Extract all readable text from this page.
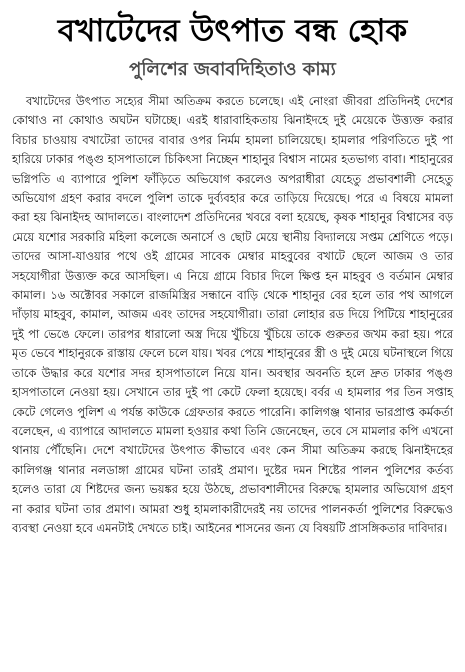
বখাটেদের উৎপাত বন্ধ হোক
পুলিশের জবাবদিহিতাও কাম্য

বখাটেদের উৎপাত সহ্যের সীমা অতিক্রম করতে চলেছে। এই নোংরা জীবরা প্রতিদিনই দেশের কোথাও না কোথাও অঘটন ঘটাচ্ছে। এরই ধারাবাহিকতায় ঝিনাইদহে দুই মেয়েকে উত্ত্যক্ত করার বিচার চাওয়ায় বখাটেরা তাদের বাবার ওপর নির্মম হামলা চালিয়েছে। হামলার পরিণতিতে দুই পা হারিয়ে ঢাকার পঙ্গু হাসপাতালে চিকিৎসা নিচ্ছেন শাহানুর বিশ্বাস নামের হতভাগ্য বাবা। শাহানুরের ভগ্নিপতি এ ব্যাপারে পুলিশ ফাঁড়িতে অভিযোগ করলেও অপরাধীরা যেহেতু প্রভাবশালী সেহেতু অভিযোগ গ্রহণ করার বদলে পুলিশ তাকে দুর্ব্যবহার করে তাড়িয়ে দিয়েছে। পরে এ বিষয়ে মামলা করা হয় ঝিনাইদহ আদালতে। বাংলাদেশ প্রতিদিনের খবরে বলা হয়েছে, কৃষক শাহানুর বিশ্বাসের বড় মেয়ে যশোর সরকারি মহিলা কলেজে অনার্সে ও ছোট মেয়ে স্থানীয় বিদ্যালয়ে সপ্তম শ্রেণিতে পড়ে। তাদের আসা-যাওয়ার পথে ওই গ্রামের সাবেক মেম্বার মাহবুবের বখাটে ছেলে আজম ও তার সহযোগীরা উত্ত্যক্ত করে আসছিল। এ নিয়ে গ্রামে বিচার দিলে ক্ষিপ্ত হন মাহবুব ও বর্তমান মেম্বার কামাল। ১৬ অক্টোবর সকালে রাজমিস্ত্রির সন্ধানে বাড়ি থেকে শাহানুর বের হলে তার পথ আগলে দাঁড়ায় মাহবুব, কামাল, আজম এবং তাদের সহযোগীরা। তারা লোহার রড দিয়ে পিটিয়ে শাহানুরের দুই পা ভেঙে ফেলে। তারপর ধারালো অস্ত্র দিয়ে খুঁচিয়ে খুঁচিয়ে তাকে গুরুতর জখম করা হয়। পরে মৃত ভেবে শাহানুরকে রাস্তায় ফেলে চলে যায়। খবর পেয়ে শাহানুরের স্ত্রী ও দুই মেয়ে ঘটনাস্থলে গিয়ে তাকে উদ্ধার করে যশোর সদর হাসপাতালে নিয়ে যান। অবস্থার অবনতি হলে দ্রুত ঢাকার পঙ্গু হাসপাতালে নেওয়া হয়। সেখানে তার দুই পা কেটে ফেলা হয়েছে। বর্বর এ হামলার পর তিন সপ্তাহ কেটে গেলেও পুলিশ এ পর্যন্ত কাউকে গ্রেফতার করতে পারেনি। কালিগঞ্জ থানার ভারপ্রাপ্ত কর্মকর্তা বলেছেন, এ ব্যাপারে আদালতে মামলা হওয়ার কথা তিনি জেনেছেন, তবে সে মামলার কপি এখনো থানায় পৌঁছেনি। দেশে বখাটেদের উৎপাত কীভাবে এবং কেন সীমা অতিক্রম করছে ঝিনাইদহের কালিগঞ্জ থানার নলডাঙ্গা গ্রামের ঘটনা তারই প্রমাণ। দুষ্টের দমন শিষ্টের পালন পুলিশের কর্তব্য হলেও তারা যে শিষ্টদের জন্য ভয়ঙ্কর হয়ে উঠছে, প্রভাবশালীদের বিরুদ্ধে হামলার অভিযোগ গ্রহণ না করার ঘটনা তার প্রমাণ। আমরা শুধু হামলাকারীদেরই নয় তাদের পালনকর্তা পুলিশের বিরুদ্ধেও ব্যবস্থা নেওয়া হবে এমনটাই দেখতে চাই। আইনের শাসনের জন্য যে বিষয়টি প্রাসঙ্গিকতার দাবিদার।
